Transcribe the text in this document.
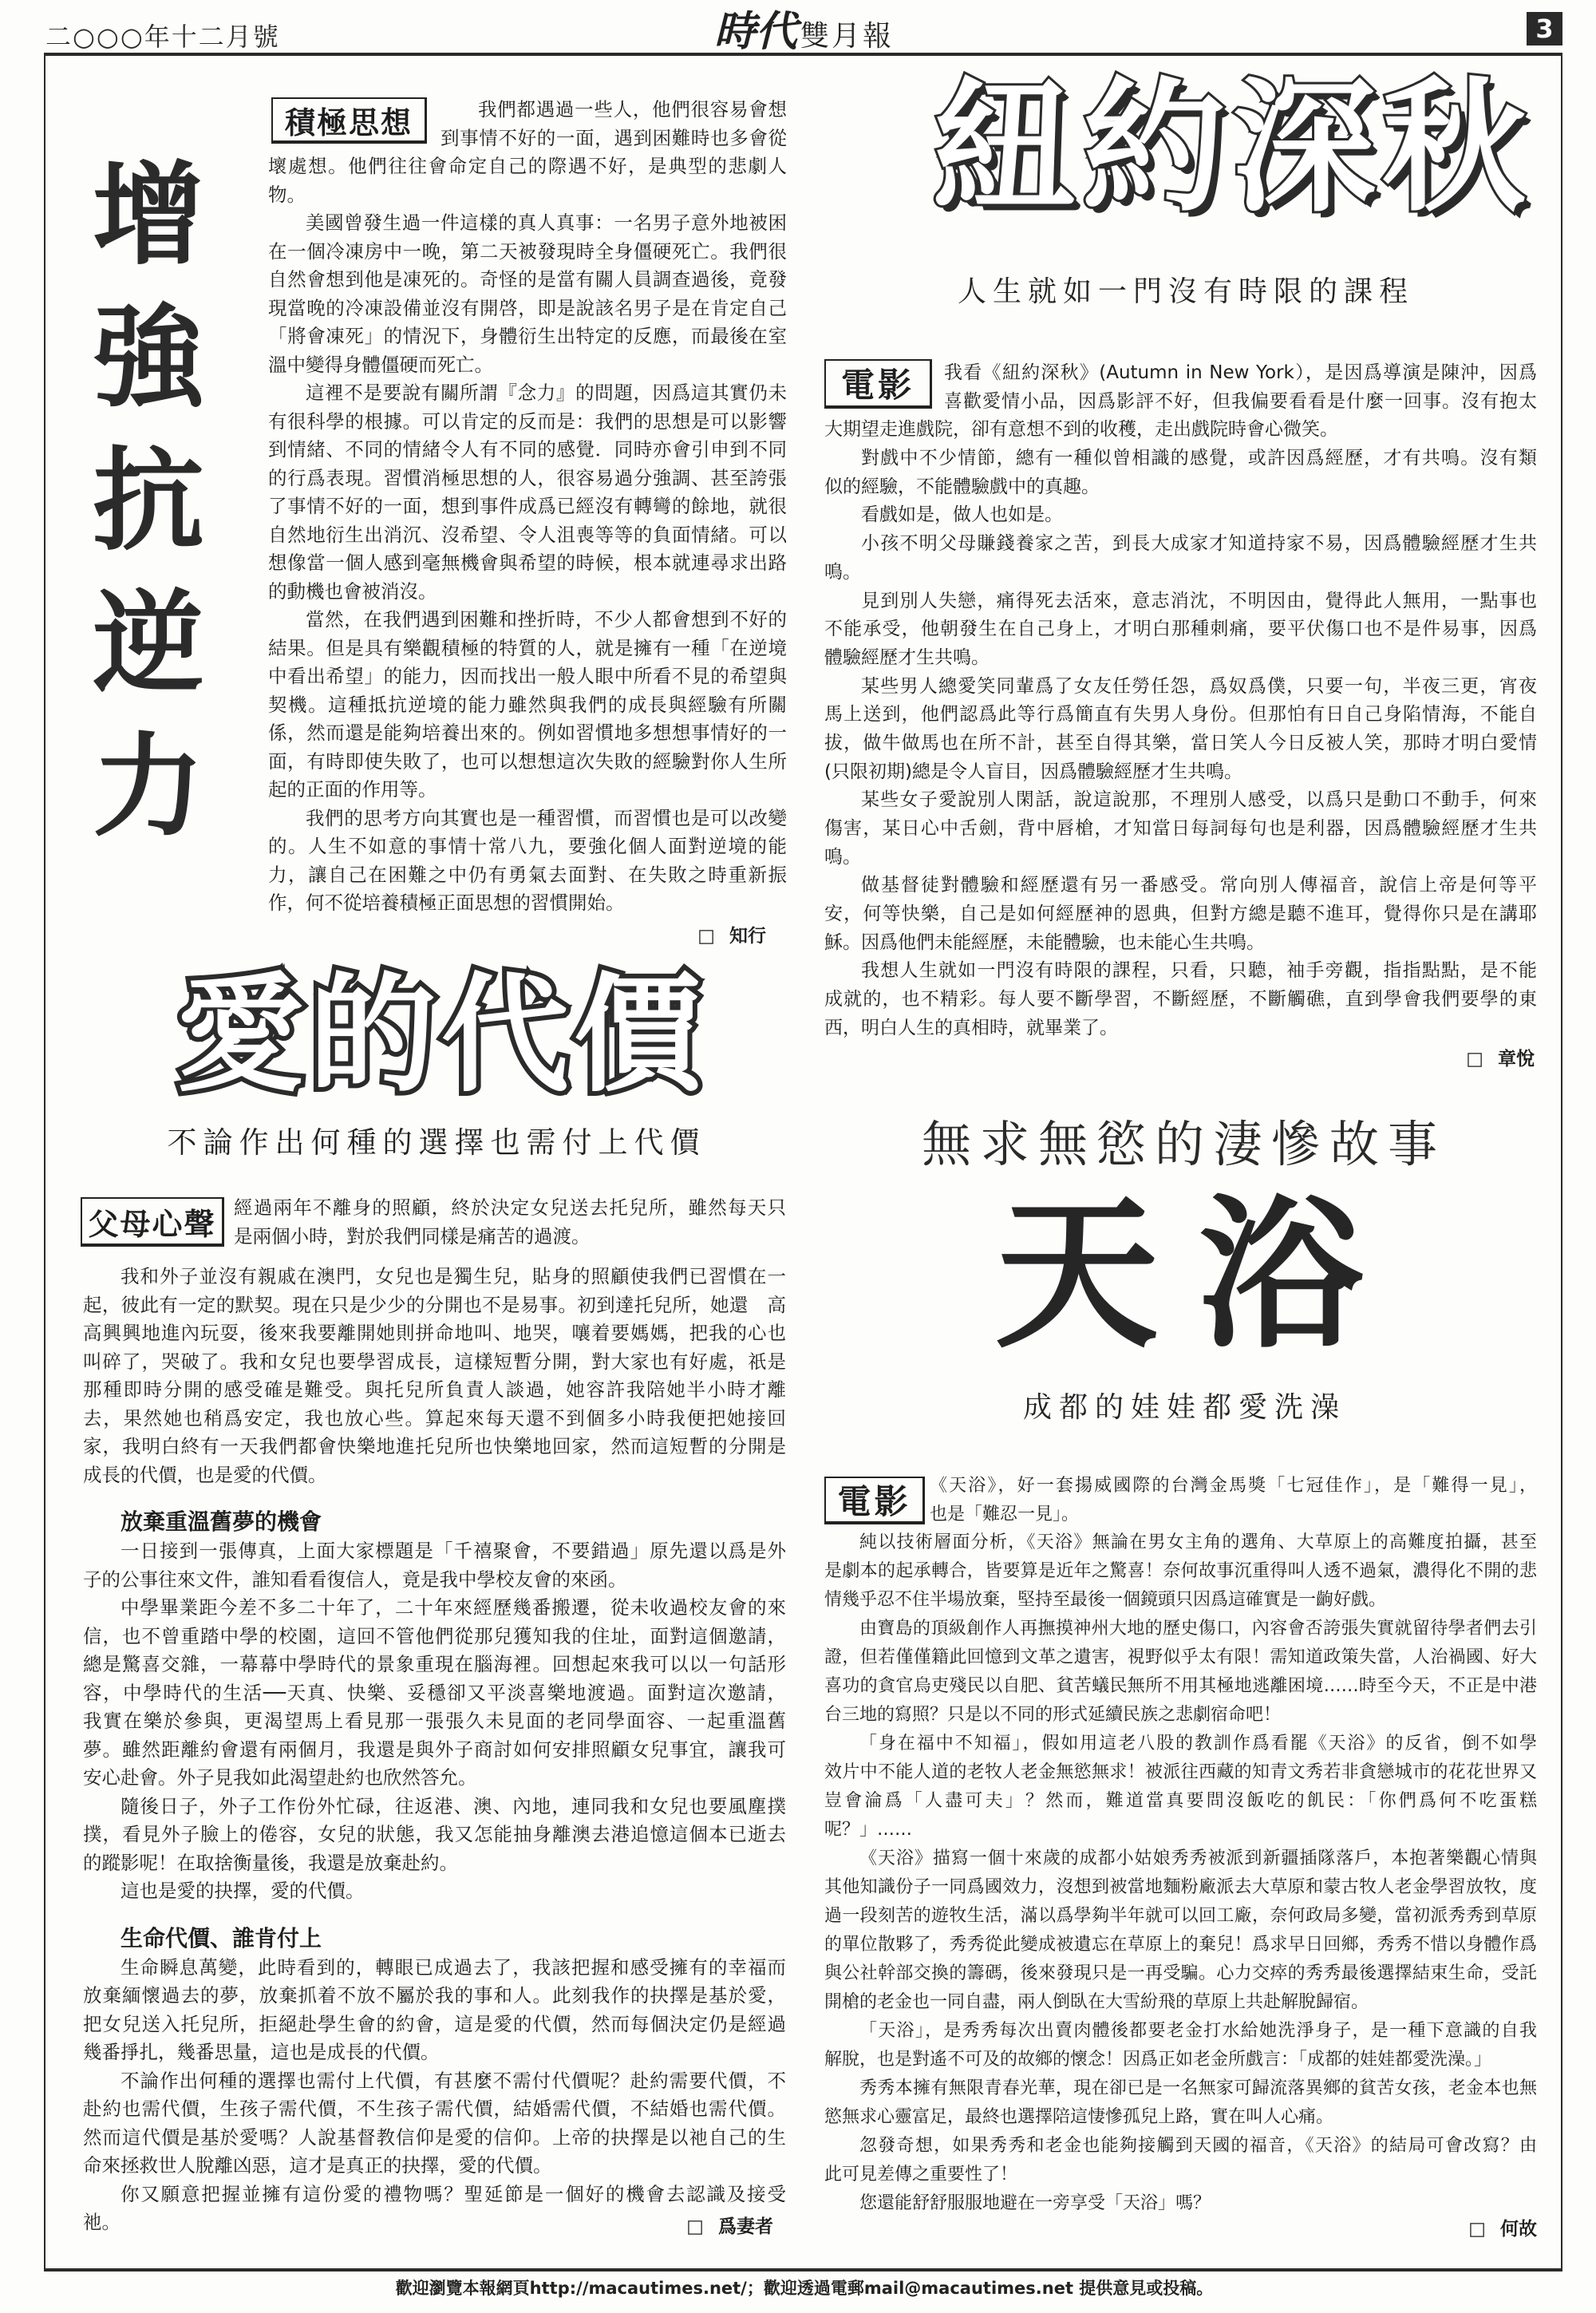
二○○○年十二月號	時代 雙月報	3
增強抗逆力
積極思想	我們都遇過一些人，他們很容易會想
到事情不好的一面，遇到困難時也多會從
壞處想。他們往往會命定自己的際遇不好，是典型的悲劇人
物。
美國曾發生過一件這樣的真人真事：一名男子意外地被困
在一個冷凍房中一晚，第二天被發現時全身僵硬死亡。我們很
自然會想到他是凍死的。奇怪的是當有關人員調查過後，竟發
現當晚的冷凍設備並沒有開啓，即是說該名男子是在肯定自己
「將會凍死」的情況下，身體衍生出特定的反應，而最後在室
溫中變得身體僵硬而死亡。
這裡不是要說有關所謂『念力』的問題，因爲這其實仍未
有很科學的根據。可以肯定的反而是：我們的思想是可以影響
到情緒、不同的情緒令人有不同的感覺．同時亦會引申到不同
的行爲表現。習慣消極思想的人，很容易過分強調、甚至誇張
了事情不好的一面，想到事件成爲已經沒有轉彎的餘地，就很
自然地衍生出消沉、沒希望、令人沮喪等等的負面情緒。可以
想像當一個人感到毫無機會與希望的時候，根本就連尋求出路
的動機也會被消沒。
當然，在我們遇到困難和挫折時，不少人都會想到不好的
結果。但是具有樂觀積極的特質的人，就是擁有一種「在逆境
中看出希望」的能力，因而找出一般人眼中所看不見的希望與
契機。這種抵抗逆境的能力雖然與我們的成長與經驗有所關
係，然而還是能夠培養出來的。例如習慣地多想想事情好的一
面，有時即使失敗了，也可以想想這次失敗的經驗對你人生所
起的正面的作用等。
我們的思考方向其實也是一種習慣，而習慣也是可以改變
的。人生不如意的事情十常八九，要強化個人面對逆境的能
力，讓自己在困難之中仍有勇氣去面對、在失敗之時重新振
作，何不從培養積極正面思想的習慣開始。
□ 知行
紐約深秋
人生就如一門沒有時限的課程
電影	我看《紐約深秋》(Autumn in New York），是因爲導演是陳沖，因爲
喜歡愛情小品，因爲影評不好，但我偏要看看是什麼一回事。沒有抱太
大期望走進戲院，卻有意想不到的收穫，走出戲院時會心微笑。
對戲中不少情節，總有一種似曾相識的感覺，或許因爲經歷，才有共鳴。沒有類
似的經驗，不能體驗戲中的真趣。
看戲如是，做人也如是。
小孩不明父母賺錢養家之苦，到長大成家才知道持家不易，因爲體驗經歷才生共
鳴。
見到別人失戀，痛得死去活來，意志消沈，不明因由，覺得此人無用，一點事也
不能承受，他朝發生在自己身上，才明白那種刺痛，要平伏傷口也不是件易事，因爲
體驗經歷才生共鳴。
某些男人總愛笑同輩爲了女友任勞任怨，爲奴爲僕，只要一句，半夜三更，宵夜
馬上送到，他們認爲此等行爲簡直有失男人身份。但那怕有日自己身陷情海，不能自
拔，做牛做馬也在所不計，甚至自得其樂，當日笑人今日反被人笑，那時才明白愛情
(只限初期)總是令人盲目，因爲體驗經歷才生共鳴。
某些女子愛說別人閑話，說這說那，不理別人感受，以爲只是動口不動手，何來
傷害，某日心中舌劍，背中唇槍，才知當日每詞每句也是利器，因爲體驗經歷才生共
鳴。
做基督徒對體驗和經歷還有另一番感受。常向別人傳福音，說信上帝是何等平
安，何等快樂，自己是如何經歷神的恩典，但對方總是聽不進耳，覺得你只是在講耶
穌。因爲他們未能經歷，未能體驗，也未能心生共鳴。
我想人生就如一門沒有時限的課程，只看，只聽，袖手旁觀，指指點點，是不能
成就的，也不精彩。每人要不斷學習，不斷經歷，不斷觸礁，直到學會我們要學的東
西，明白人生的真相時，就畢業了。
□ 章悅
愛的代價
不論作出何種的選擇也需付上代價
父母心聲 經過兩年不離身的照顧，終於決定女兒送去托兒所，雖然每天只
是兩個小時，對於我們同樣是痛苦的過渡。
我和外子並沒有親戚在澳門，女兒也是獨生兒，貼身的照顧使我們已習慣在一
起，彼此有一定的默契。現在只是少少的分開也不是易事。初到達托兒所，她還　高
高興興地進內玩耍，後來我要離開她則拼命地叫、地哭，嚷着要媽媽，把我的心也
叫碎了，哭破了。我和女兒也要學習成長，這樣短暫分開，對大家也有好處，祇是
那種即時分開的感受確是難受。與托兒所負責人談過，她容許我陪她半小時才離
去，果然她也稍爲安定，我也放心些。算起來每天還不到個多小時我便把她接回
家，我明白終有一天我們都會快樂地進托兒所也快樂地回家，然而這短暫的分開是
成長的代價，也是愛的代價。
放棄重溫舊夢的機會
一日接到一張傳真，上面大家標題是「千禧聚會，不要錯過」原先還以爲是外
子的公事往來文件，誰知看看復信人，竟是我中學校友會的來函。
中學畢業距今差不多二十年了，二十年來經歷幾番搬遷，從未收過校友會的來
信，也不曾重踏中學的校園，這回不管他們從那兒獲知我的住址，面對這個邀請，
總是驚喜交雜，一幕幕中學時代的景象重現在腦海裡。回想起來我可以以一句話形
容，中學時代的生活──天真、快樂、妥穩卻又平淡喜樂地渡過。面對這次邀請，
我實在樂於參與，更渴望馬上看見那一張張久未見面的老同學面容、一起重溫舊
夢。雖然距離約會還有兩個月，我還是與外子商討如何安排照顧女兒事宜，讓我可
安心赴會。外子見我如此渴望赴約也欣然答允。
隨後日子，外子工作份外忙碌，往返港、澳、內地，連同我和女兒也要風塵撲
撲，看見外子臉上的倦容，女兒的狀態，我又怎能抽身離澳去港追憶這個本已逝去
的蹤影呢！在取捨衡量後，我還是放棄赴約。
這也是愛的抉擇，愛的代價。
生命代價、誰肯付上
生命瞬息萬變，此時看到的，轉眼已成過去了，我該把握和感受擁有的幸福而
放棄緬懷過去的夢，放棄抓着不放不屬於我的事和人。此刻我作的抉擇是基於愛，
把女兒送入托兒所，拒絕赴學生會的約會，這是愛的代價，然而每個決定仍是經過
幾番掙扎，幾番思量，這也是成長的代價。
不論作出何種的選擇也需付上代價，有甚麼不需付代價呢？赴約需要代價，不
赴約也需代價，生孩子需代價，不生孩子需代價，結婚需代價，不結婚也需代價。
然而這代價是基於愛嗎？人說基督教信仰是愛的信仰。上帝的抉擇是以祂自己的生
命來拯救世人脫離凶惡，這才是真正的抉擇，愛的代價。
你又願意把握並擁有這份愛的禮物嗎？聖延節是一個好的機會去認識及接受
祂。	□ 爲妻者
無求無慾的淒慘故事
天浴
成都的娃娃都愛洗澡
電影	《天浴》，好一套揚威國際的台灣金馬獎「七冠佳作」，是「難得一見」，
也是「難忍一見」。
純以技術層面分析，《天浴》無論在男女主角的選角、大草原上的高難度拍攝，甚至
是劇本的起承轉合，皆要算是近年之驚喜！奈何故事沉重得叫人透不過氣，濃得化不開的悲
情幾乎忍不住半場放棄，堅持至最後一個鏡頭只因爲這確實是一齣好戲。
由寶島的頂級創作人再撫摸神州大地的歷史傷口，內容會否誇張失實就留待學者們去引
證，但若僅僅籍此回憶到文革之遺害，視野似乎太有限！需知道政策失當，人治禍國、好大
喜功的貪官烏吏殘民以自肥、貧苦蟻民無所不用其極地逃離困境……時至今天，不正是中港
台三地的寫照？只是以不同的形式延續民族之悲劇宿命吧！
「身在福中不知福」，假如用這老八股的教訓作爲看罷《天浴》的反省，倒不如學
效片中不能人道的老牧人老金無慾無求！被派往西藏的知青文秀若非貪戀城市的花花世界又
豈會淪爲「人盡可夫」？然而，難道當真要問沒飯吃的飢民：「你們爲何不吃蛋糕
呢？」……
《天浴》描寫一個十來歲的成都小姑娘秀秀被派到新疆插隊落戶，本抱著樂觀心情與
其他知識份子一同爲國效力，沒想到被當地麵粉廠派去大草原和蒙古牧人老金學習放牧，度
過一段刻苦的遊牧生活，滿以爲學夠半年就可以回工廠，奈何政局多變，當初派秀秀到草原
的單位散夥了，秀秀從此變成被遺忘在草原上的棄兒！爲求早日回鄉，秀秀不惜以身體作爲
與公社幹部交換的籌碼，後來發現只是一再受騙。心力交瘁的秀秀最後選擇結束生命，受託
開槍的老金也一同自盡，兩人倒臥在大雪紛飛的草原上共赴解脫歸宿。
「天浴」，是秀秀每次出賣肉體後都要老金打水給她洗淨身子，是一種下意識的自我
解脫，也是對遙不可及的故鄉的懷念！因爲正如老金所戲言：「成都的娃娃都愛洗澡。」
秀秀本擁有無限青春光華，現在卻已是一名無家可歸流落異鄉的貧苦女孩，老金本也無
慾無求心靈富足，最終也選擇陪這悽慘孤兒上路，實在叫人心痛。
忽發奇想，如果秀秀和老金也能夠接觸到天國的福音，《天浴》的結局可會改寫？由
此可見差傳之重要性了！
您還能舒舒服服地避在一旁享受「天浴」嗎？
□ 何故
歡迎瀏覽本報網頁http://macautimes.net/；歡迎透過電郵mail@macautimes.net 提供意見或投稿。
